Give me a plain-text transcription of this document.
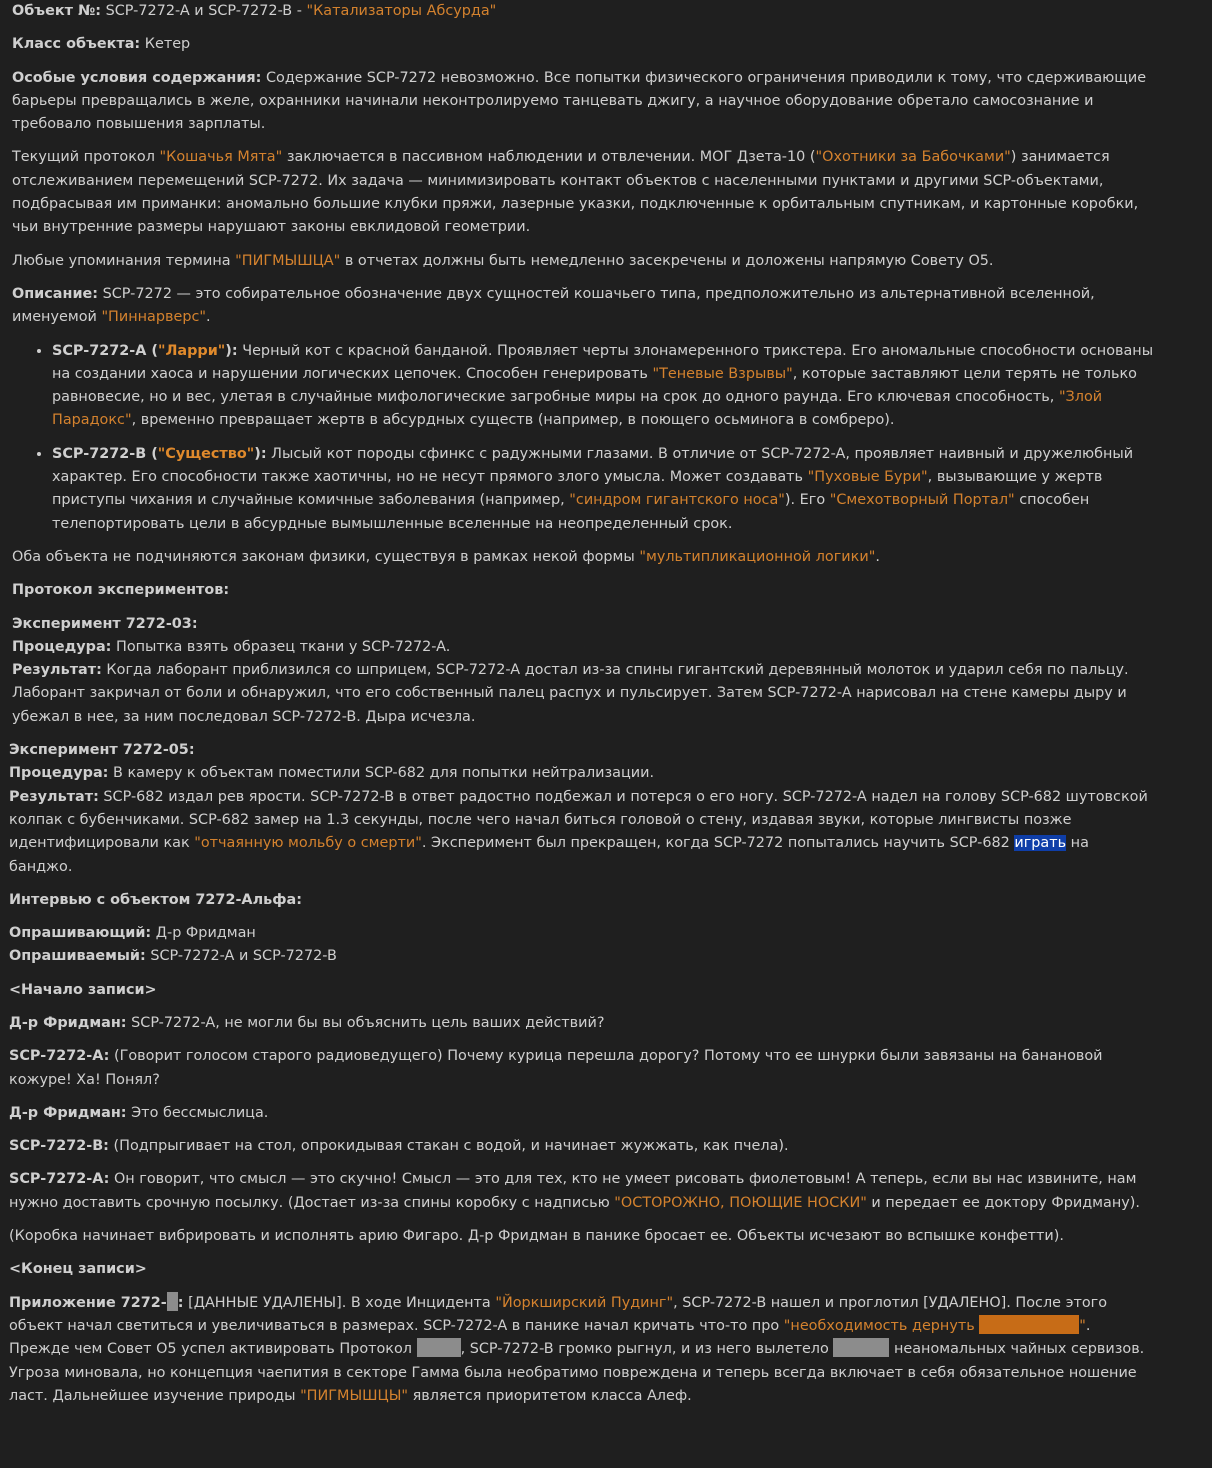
Объект №: SCP-7272-A и SCP-7272-B - "Катализаторы Абсурда"

Класс объекта: Кетер

Особые условия содержания: Содержание SCP-7272 невозможно. Все попытки физического ограничения приводили к тому, что сдерживающие барьеры превращались в желе, охранники начинали неконтролируемо танцевать джигу, а научное оборудование обретало самосознание и требовало повышения зарплаты.

Текущий протокол "Кошачья Мята" заключается в пассивном наблюдении и отвлечении. МОГ Дзета-10 ("Охотники за Бабочками") занимается отслеживанием перемещений SCP-7272. Их задача — минимизировать контакт объектов с населенными пунктами и другими SCP-объектами, подбрасывая им приманки: аномально большие клубки пряжи, лазерные указки, подключенные к орбитальным спутникам, и картонные коробки, чьи внутренние размеры нарушают законы евклидовой геометрии.

Любые упоминания термина "ПИГМЫШЦА" в отчетах должны быть немедленно засекречены и доложены напрямую Совету О5.

Описание: SCP-7272 — это собирательное обозначение двух сущностей кошачьего типа, предположительно из альтернативной вселенной, именуемой "Пиннарверс".

• SCP-7272-A ("Ларри"): Черный кот с красной банданой. Проявляет черты злонамеренного трикстера. Его аномальные способности основаны на создании хаоса и нарушении логических цепочек. Способен генерировать "Теневые Взрывы", которые заставляют цели терять не только равновесие, но и вес, улетая в случайные мифологические загробные миры на срок до одного раунда. Его ключевая способность, "Злой Парадокс", временно превращает жертв в абсурдных существ (например, в поющего осьминога в сомбреро).
• SCP-7272-B ("Существо"): Лысый кот породы сфинкс с радужными глазами. В отличие от SCP-7272-A, проявляет наивный и дружелюбный характер. Его способности также хаотичны, но не несут прямого злого умысла. Может создавать "Пуховые Бури", вызывающие у жертв приступы чихания и случайные комичные заболевания (например, "синдром гигантского носа"). Его "Смехотворный Портал" способен телепортировать цели в абсурдные вымышленные вселенные на неопределенный срок.

Оба объекта не подчиняются законам физики, существуя в рамках некой формы "мультипликационной логики".

Протокол экспериментов:

Эксперимент 7272-03:
Процедура: Попытка взять образец ткани у SCP-7272-A.
Результат: Когда лаборант приблизился со шприцем, SCP-7272-A достал из-за спины гигантский деревянный молоток и ударил себя по пальцу. Лаборант закричал от боли и обнаружил, что его собственный палец распух и пульсирует. Затем SCP-7272-A нарисовал на стене камеры дыру и убежал в нее, за ним последовал SCP-7272-B. Дыра исчезла.
Эксперимент 7272-05:
Процедура: В камеру к объектам поместили SCP-682 для попытки нейтрализации.
Результат: SCP-682 издал рев ярости. SCP-7272-B в ответ радостно подбежал и потерся о его ногу. SCP-7272-A надел на голову SCP-682 шутовской колпак с бубенчиками. SCP-682 замер на 1.3 секунды, после чего начал биться головой о стену, издавая звуки, которые лингвисты позже идентифицировали как "отчаянную мольбу о смерти". Эксперимент был прекращен, когда SCP-7272 попытались научить SCP-682 играть на банджо.

Интервью с объектом 7272-Альфа:

Опрашивающий: Д-р Фридман
Опрашиваемый: SCP-7272-A и SCP-7272-B

<Начало записи>

Д-р Фридман: SCP-7272-A, не могли бы вы объяснить цель ваших действий?

SCP-7272-A: (Говорит голосом старого радиоведущего) Почему курица перешла дорогу? Потому что ее шнурки были завязаны на банановой кожуре! Ха! Понял?

Д-р Фридман: Это бессмыслица.

SCP-7272-B: (Подпрыгивает на стол, опрокидывая стакан с водой, и начинает жужжать, как пчела).

SCP-7272-A: Он говорит, что смысл — это скучно! Смысл — это для тех, кто не умеет рисовать фиолетовым! А теперь, если вы нас извините, нам нужно доставить срочную посылку. (Достает из-за спины коробку с надписью "ОСТОРОЖНО, ПОЮЩИЕ НОСКИ" и передает ее доктору Фридману).

(Коробка начинает вибрировать и исполнять арию Фигаро. Д-р Фридман в панике бросает ее. Объекты исчезают во вспышке конфетти).

<Конец записи>

Приложение 7272- : [ДАННЫЕ УДАЛЕНЫ]. В ходе Инцидента "Йоркширский Пудинг", SCP-7272-B нашел и проглотил [УДАЛЕНО]. После этого объект начал светиться и увеличиваться в размерах. SCP-7272-A в панике начал кричать что-то про "необходимость дернуть	". Прежде чем Совет О5 успел активировать Протокол	, SCP-7272-B громко рыгнул, и из него вылетело	неаномальных чайных сервизов. Угроза миновала, но концепция чаепития в секторе Гамма была необратимо повреждена и теперь всегда включает в себя обязательное ношение ласт. Дальнейшее изучение природы "ПИГМЫШЦЫ" является приоритетом класса Алеф.
